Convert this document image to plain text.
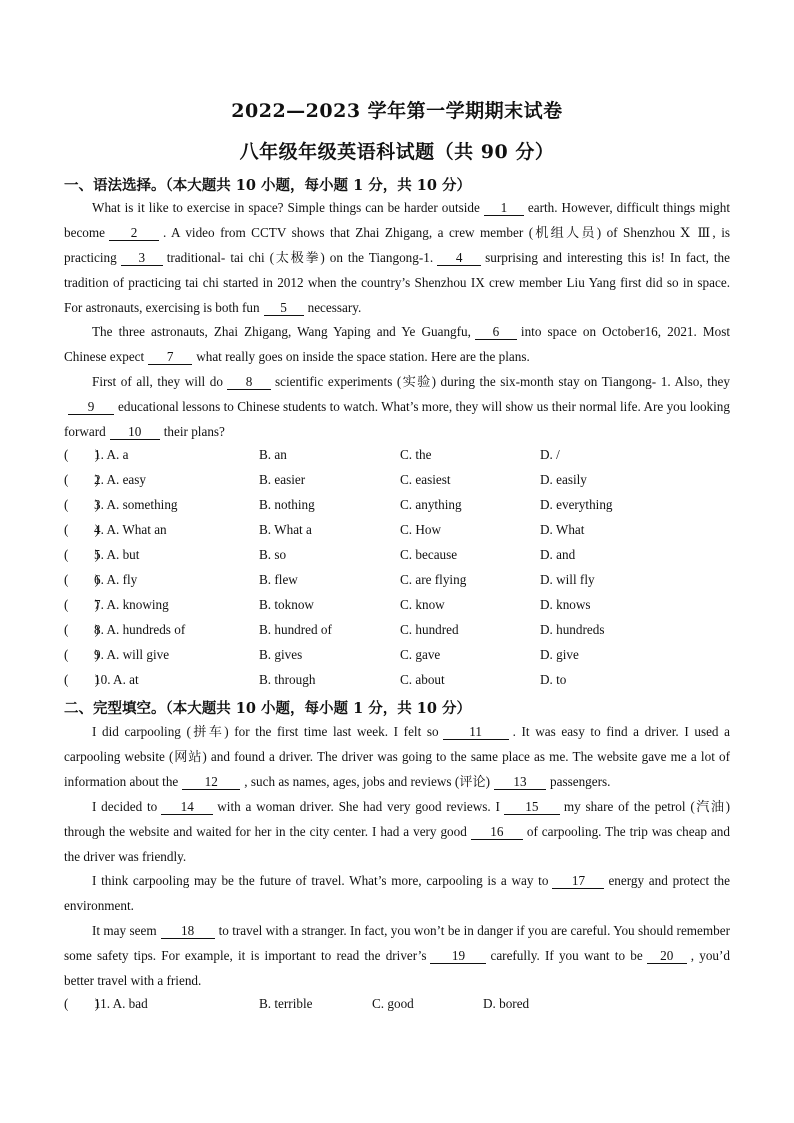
2022—2023 学年第一学期期末试卷
八年级年级英语科试题（共 90 分）
一、语法选择。（本大题共 10 小题，每小题 1 分，共 10 分）
What is it like to exercise in space? Simple things can be harder outside 1 earth. However, difficult things might become 2 . A video from CCTV shows that Zhai Zhigang, a crew member (机组人员) of Shenzhou Ⅹ Ⅲ, is practicing 3 traditional- tai chi (太极拳) on the Tiangong-1. 4 surprising and interesting this is! In fact, the tradition of practicing tai chi started in 2012 when the country’s Shenzhou IX crew member Liu Yang first did so in space. For astronauts, exercising is both fun 5 necessary.
The three astronauts, Zhai Zhigang, Wang Yaping and Ye Guangfu, 6 into space on October16, 2021. Most Chinese expect 7 what really goes on inside the space station. Here are the plans.
First of all, they will do 8 scientific experiments (实验) during the six-month stay on Tiangong- 1. Also, they9 educational lessons to Chinese students to watch. What’s more, they will show us their normal life. Are you looking forward 10 their plans?
(        )
1. A. a	B. an	C. the	D. /
(        )
2. A. easy	B. easier	C. easiest	D. easily
(        )
3. A. something	B. nothing	C. anything	D. everything
(        )
4. A. What an	B. What a	C. How	D. What
(        )
5. A. but	B. so	C. because	D. and
(        )
6. A. fly	B. flew	C. are flying	D. will fly
(        )
7. A. knowing	B. toknow	C. know	D. knows
(        )
8. A. hundreds of	B. hundred of	C. hundred	D. hundreds
(        )
9. A. will give	B. gives	C. gave	D. give
(        )
10. A. at	B. through	C. about	D. to
二、完型填空。（本大题共 10 小题，每小题 1 分，共 10 分）
I did carpooling (拼车) for the first time last week. I felt so 11 . It was easy to find a driver. I used a carpooling website (网站) and found a driver. The driver was going to the same place as me. The website gave me a lot of information about the 12 , such as names, ages, jobs and reviews (评论) 13 passengers.
I decided to 14 with a woman driver. She had very good reviews. I 15 my share of the petrol (汽油) through the website and waited for her in the city center. I had a very good 16 of carpooling. The trip was cheap and the driver was friendly.
I think carpooling may be the future of travel. What’s more, carpooling is a way to 17 energy and protect the environment.
It may seem 18 to travel with a stranger. In fact, you won’t be in danger if you are careful. You should remember some safety tips. For example, it is important to read the driver’s 19 carefully. If you want to be 20 , you’d better travel with a friend.
(        )
11. A. bad	B. terrible	C. good	D. bored
